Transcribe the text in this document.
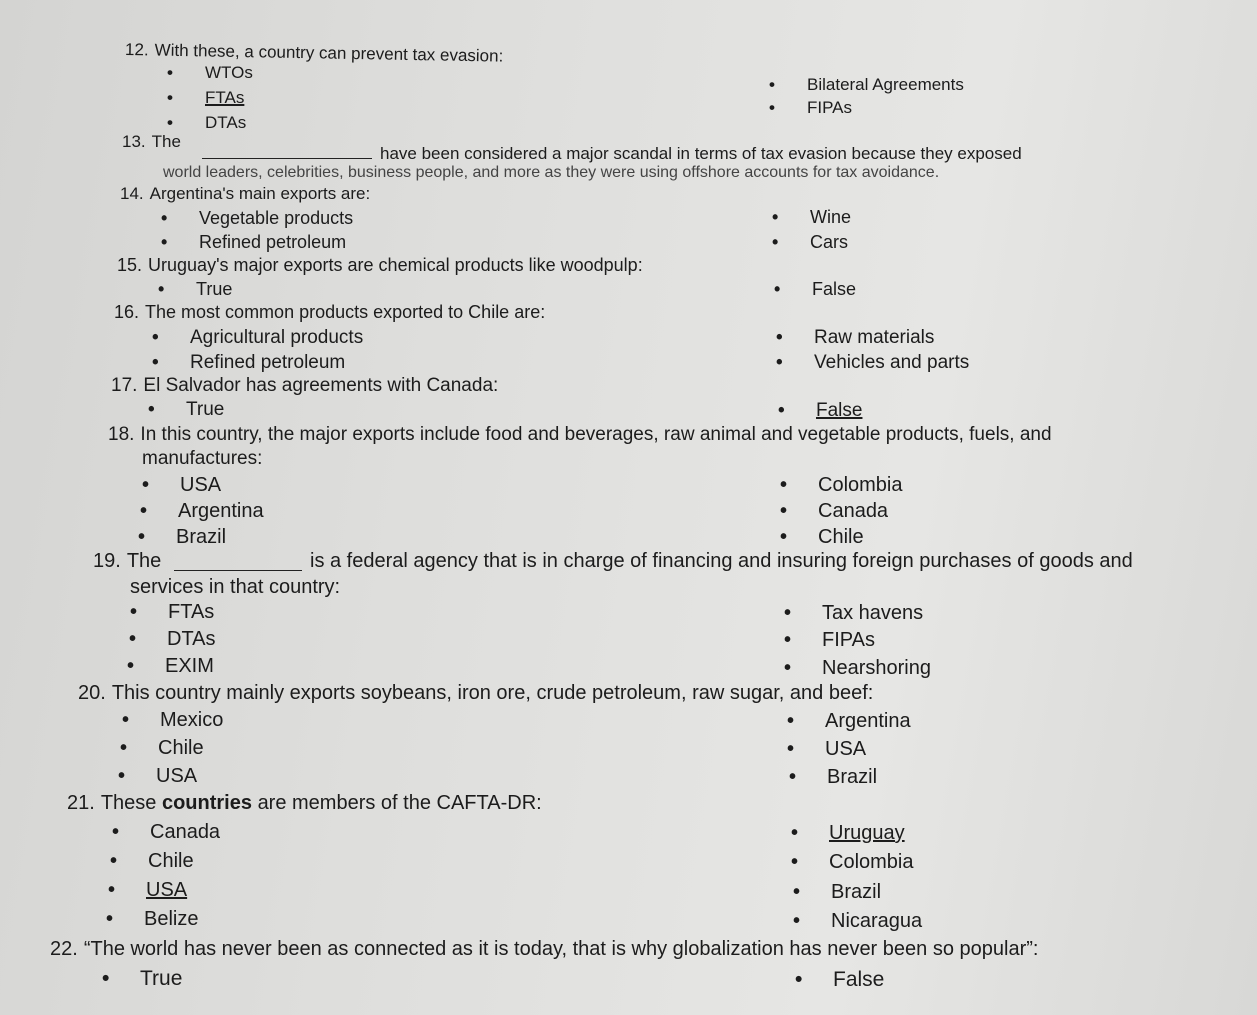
12. With these, a country can prevent tax evasion:
• WTOs
• FTAs
• DTAs
• Bilateral Agreements
• FIPAs
13. The
have been considered a major scandal in terms of tax evasion because they exposed
world leaders, celebrities, business people, and more as they were using offshore accounts for tax avoidance.
14. Argentina's main exports are:
• Vegetable products
• Refined petroleum
• Wine
• Cars
15. Uruguay's major exports are chemical products like woodpulp:
• True	• False
16. The most common products exported to Chile are:
• Agricultural products
• Refined petroleum
• Raw materials
• Vehicles and parts
17. El Salvador has agreements with Canada:
• True	• False
18. In this country, the major exports include food and beverages, raw animal and vegetable products, fuels, and
manufactures:
• USA
• Argentina
• Brazil
• Colombia
• Canada
• Chile
19. The	is a federal agency that is in charge of financing and insuring foreign purchases of goods and
services in that country:
• FTAs
• DTAs
• EXIM
• Tax havens
• FIPAs
• Nearshoring
20. This country mainly exports soybeans, iron ore, crude petroleum, raw sugar, and beef:
• Mexico
• Chile
• USA
• Argentina
• USA
• Brazil
21. These countries are members of the CAFTA-DR:
• Canada
• Chile
• USA
• Belize
• Uruguay
• Colombia
• Brazil
• Nicaragua
22. “The world has never been as connected as it is today, that is why globalization has never been so popular”:
• True	• False
